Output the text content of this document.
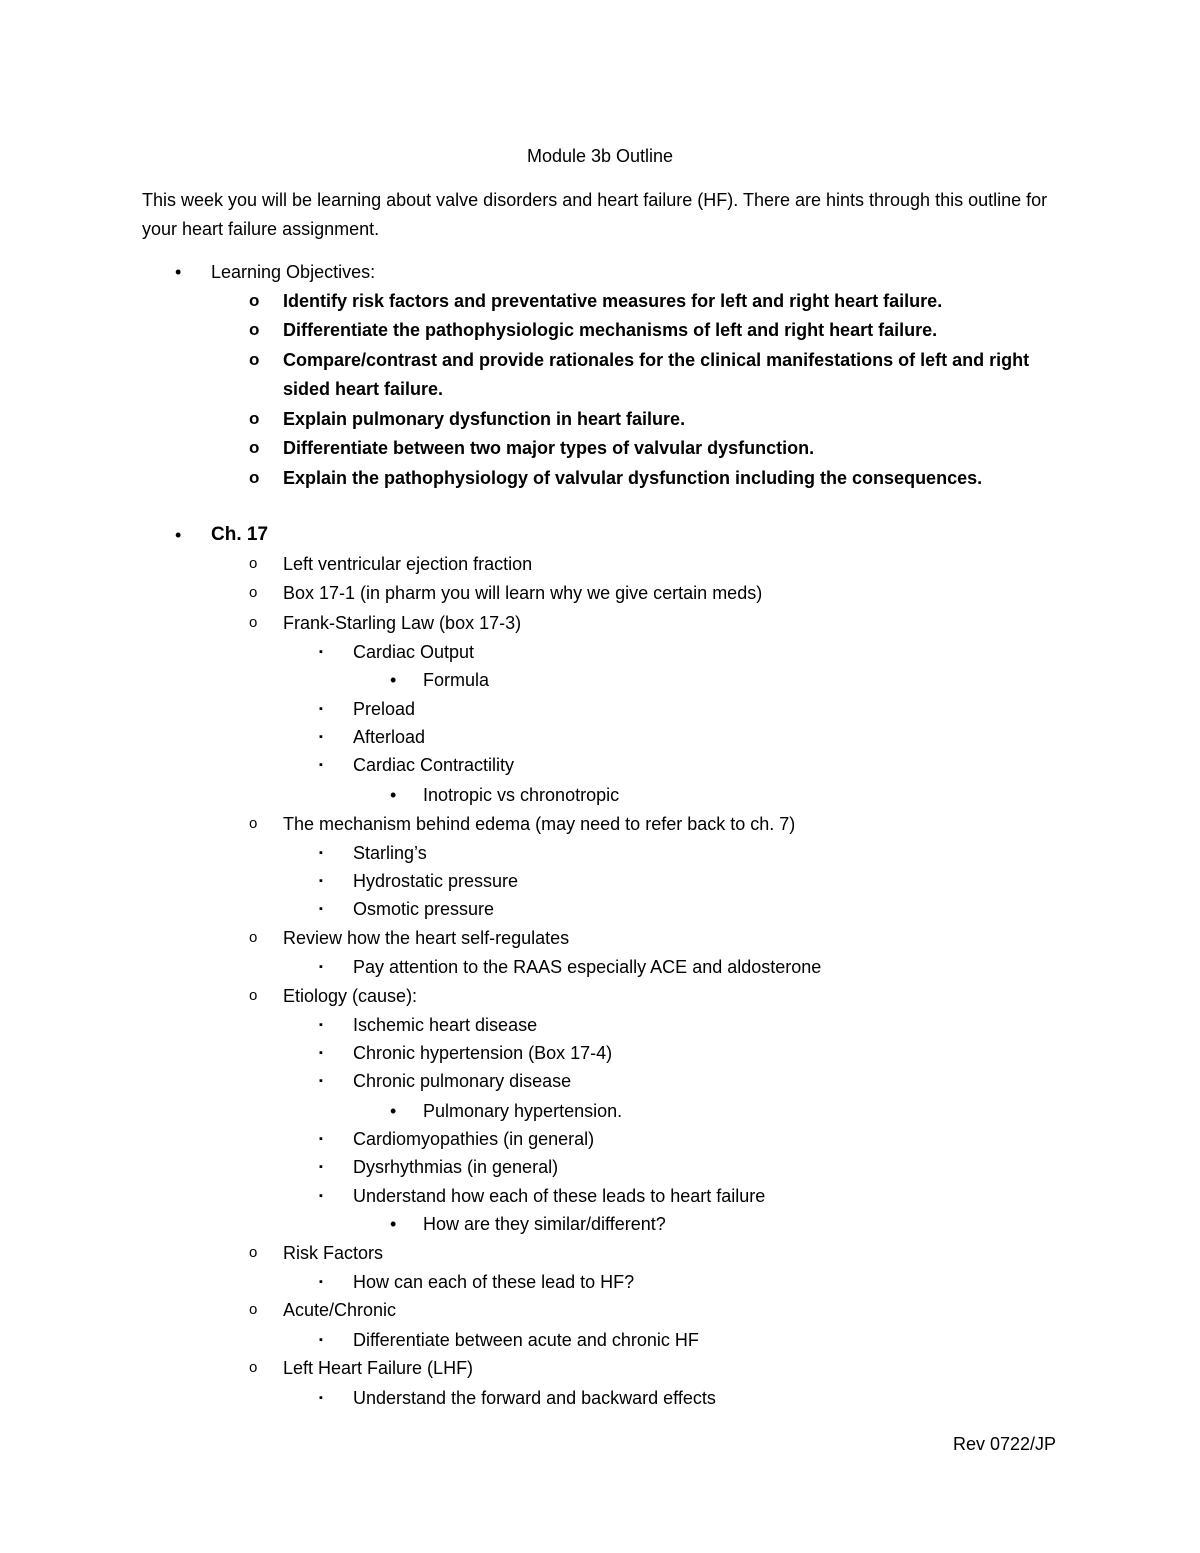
Module 3b Outline

This week you will be learning about valve disorders and heart failure (HF). There are hints through this outline for your heart failure assignment.

• Learning Objectives:
o Identify risk factors and preventative measures for left and right heart failure.
o Differentiate the pathophysiologic mechanisms of left and right heart failure.
o Compare/contrast and provide rationales for the clinical manifestations of left and right sided heart failure.
o Explain pulmonary dysfunction in heart failure.
o Differentiate between two major types of valvular dysfunction.
o Explain the pathophysiology of valvular dysfunction including the consequences.
• Ch. 17
o Left ventricular ejection fraction
o Box 17-1 (in pharm you will learn why we give certain meds)
o Frank-Starling Law (box 17-3)
▪ Cardiac Output
• Formula
▪ Preload
▪ Afterload
▪ Cardiac Contractility
• Inotropic vs chronotropic
o The mechanism behind edema (may need to refer back to ch. 7)
▪ Starling’s
▪ Hydrostatic pressure
▪ Osmotic pressure
o Review how the heart self-regulates
▪ Pay attention to the RAAS especially ACE and aldosterone
o Etiology (cause):
▪ Ischemic heart disease
▪ Chronic hypertension (Box 17-4)
▪ Chronic pulmonary disease
• Pulmonary hypertension.
▪ Cardiomyopathies (in general)
▪ Dysrhythmias (in general)
▪ Understand how each of these leads to heart failure
• How are they similar/different?
o Risk Factors
▪ How can each of these lead to HF?
o Acute/Chronic
▪ Differentiate between acute and chronic HF
o Left Heart Failure (LHF)
▪ Understand the forward and backward effects
Rev 0722/JP
